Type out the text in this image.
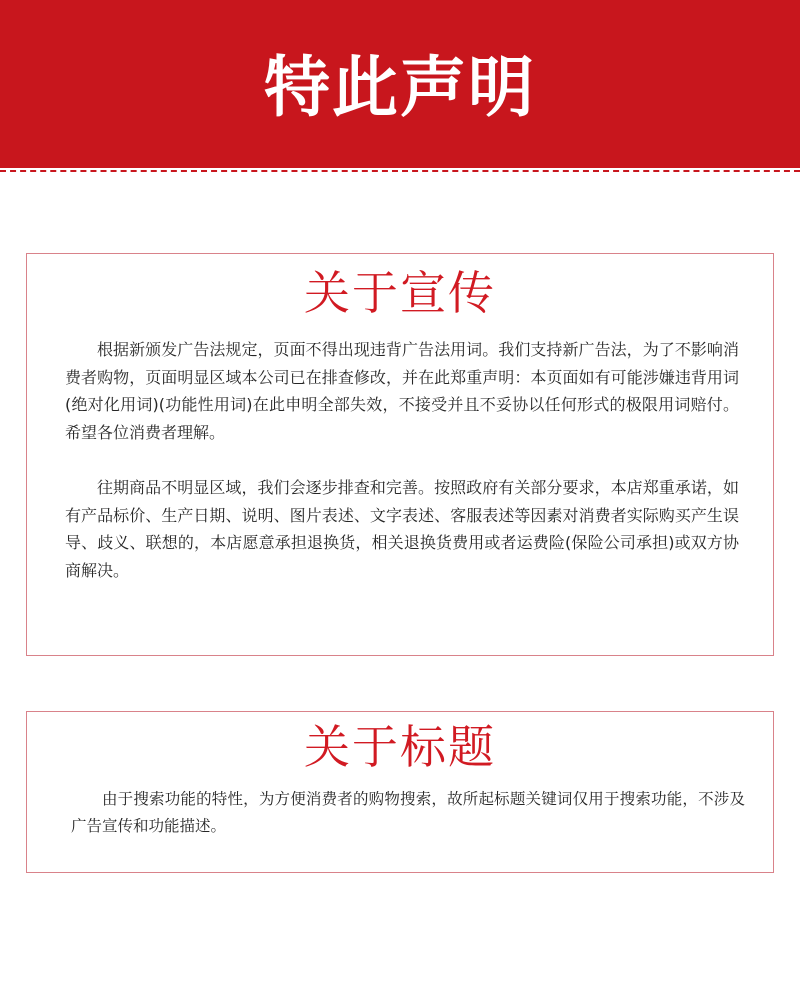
特此声明
关于宣传

根据新颁发广告法规定，页面不得出现违背广告法用词。我们支持新广告法，为了不影响消费者购物，页面明显区域本公司已在排查修改，并在此郑重声明：本页面如有可能涉嫌违背用词(绝对化用词)(功能性用词)在此申明全部失效，不接受并且不妥协以任何形式的极限用词赔付。希望各位消费者理解。

往期商品不明显区域，我们会逐步排查和完善。按照政府有关部分要求，本店郑重承诺，如有产品标价、生产日期、说明、图片表述、文字表述、客服表述等因素对消费者实际购买产生误导、歧义、联想的，本店愿意承担退换货，相关退换货费用或者运费险(保险公司承担)或双方协商解决。

关于标题

由于搜索功能的特性，为方便消费者的购物搜索，故所起标题关键词仅用于搜索功能，不涉及广告宣传和功能描述。
